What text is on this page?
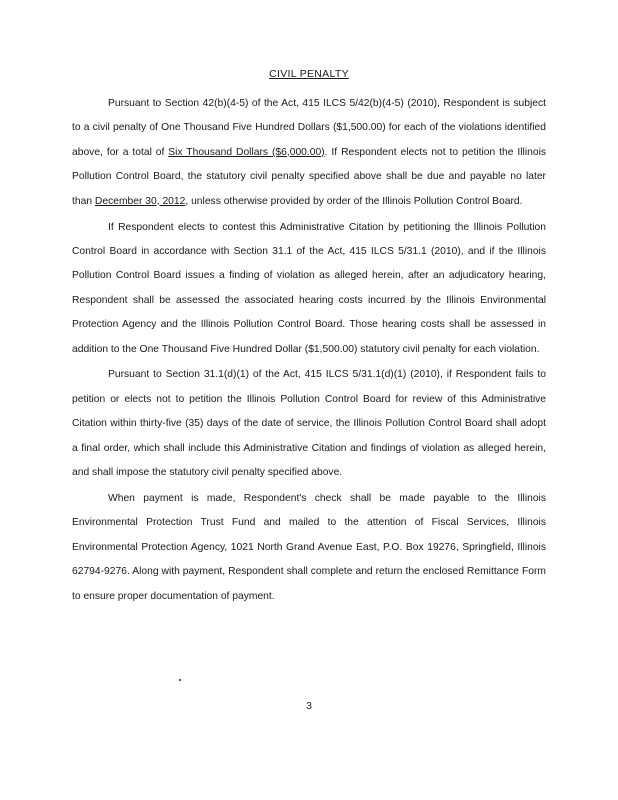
CIVIL PENALTY

Pursuant to Section 42(b)(4-5) of the Act, 415 ILCS 5/42(b)(4-5) (2010), Respondent is subject to a civil penalty of One Thousand Five Hundred Dollars ($1,500.00) for each of the violations identified above, for a total of Six Thousand Dollars ($6,000.00). If Respondent elects not to petition the Illinois Pollution Control Board, the statutory civil penalty specified above shall be due and payable no later than December 30, 2012, unless otherwise provided by order of the Illinois Pollution Control Board.

If Respondent elects to contest this Administrative Citation by petitioning the Illinois Pollution Control Board in accordance with Section 31.1 of the Act, 415 ILCS 5/31.1 (2010), and if the Illinois Pollution Control Board issues a finding of violation as alleged herein, after an adjudicatory hearing, Respondent shall be assessed the associated hearing costs incurred by the Illinois Environmental Protection Agency and the Illinois Pollution Control Board. Those hearing costs shall be assessed in addition to the One Thousand Five Hundred Dollar ($1,500.00) statutory civil penalty for each violation.

Pursuant to Section 31.1(d)(1) of the Act, 415 ILCS 5/31.1(d)(1) (2010), if Respondent fails to petition or elects not to petition the Illinois Pollution Control Board for review of this Administrative Citation within thirty-five (35) days of the date of service, the Illinois Pollution Control Board shall adopt a final order, which shall include this Administrative Citation and findings of violation as alleged herein, and shall impose the statutory civil penalty specified above.

When payment is made, Respondent's check shall be made payable to the Illinois Environmental Protection Trust Fund and mailed to the attention of Fiscal Services, Illinois Environmental Protection Agency, 1021 North Grand Avenue East, P.O. Box 19276, Springfield, Illinois 62794-9276. Along with payment, Respondent shall complete and return the enclosed Remittance Form to ensure proper documentation of payment.

3
